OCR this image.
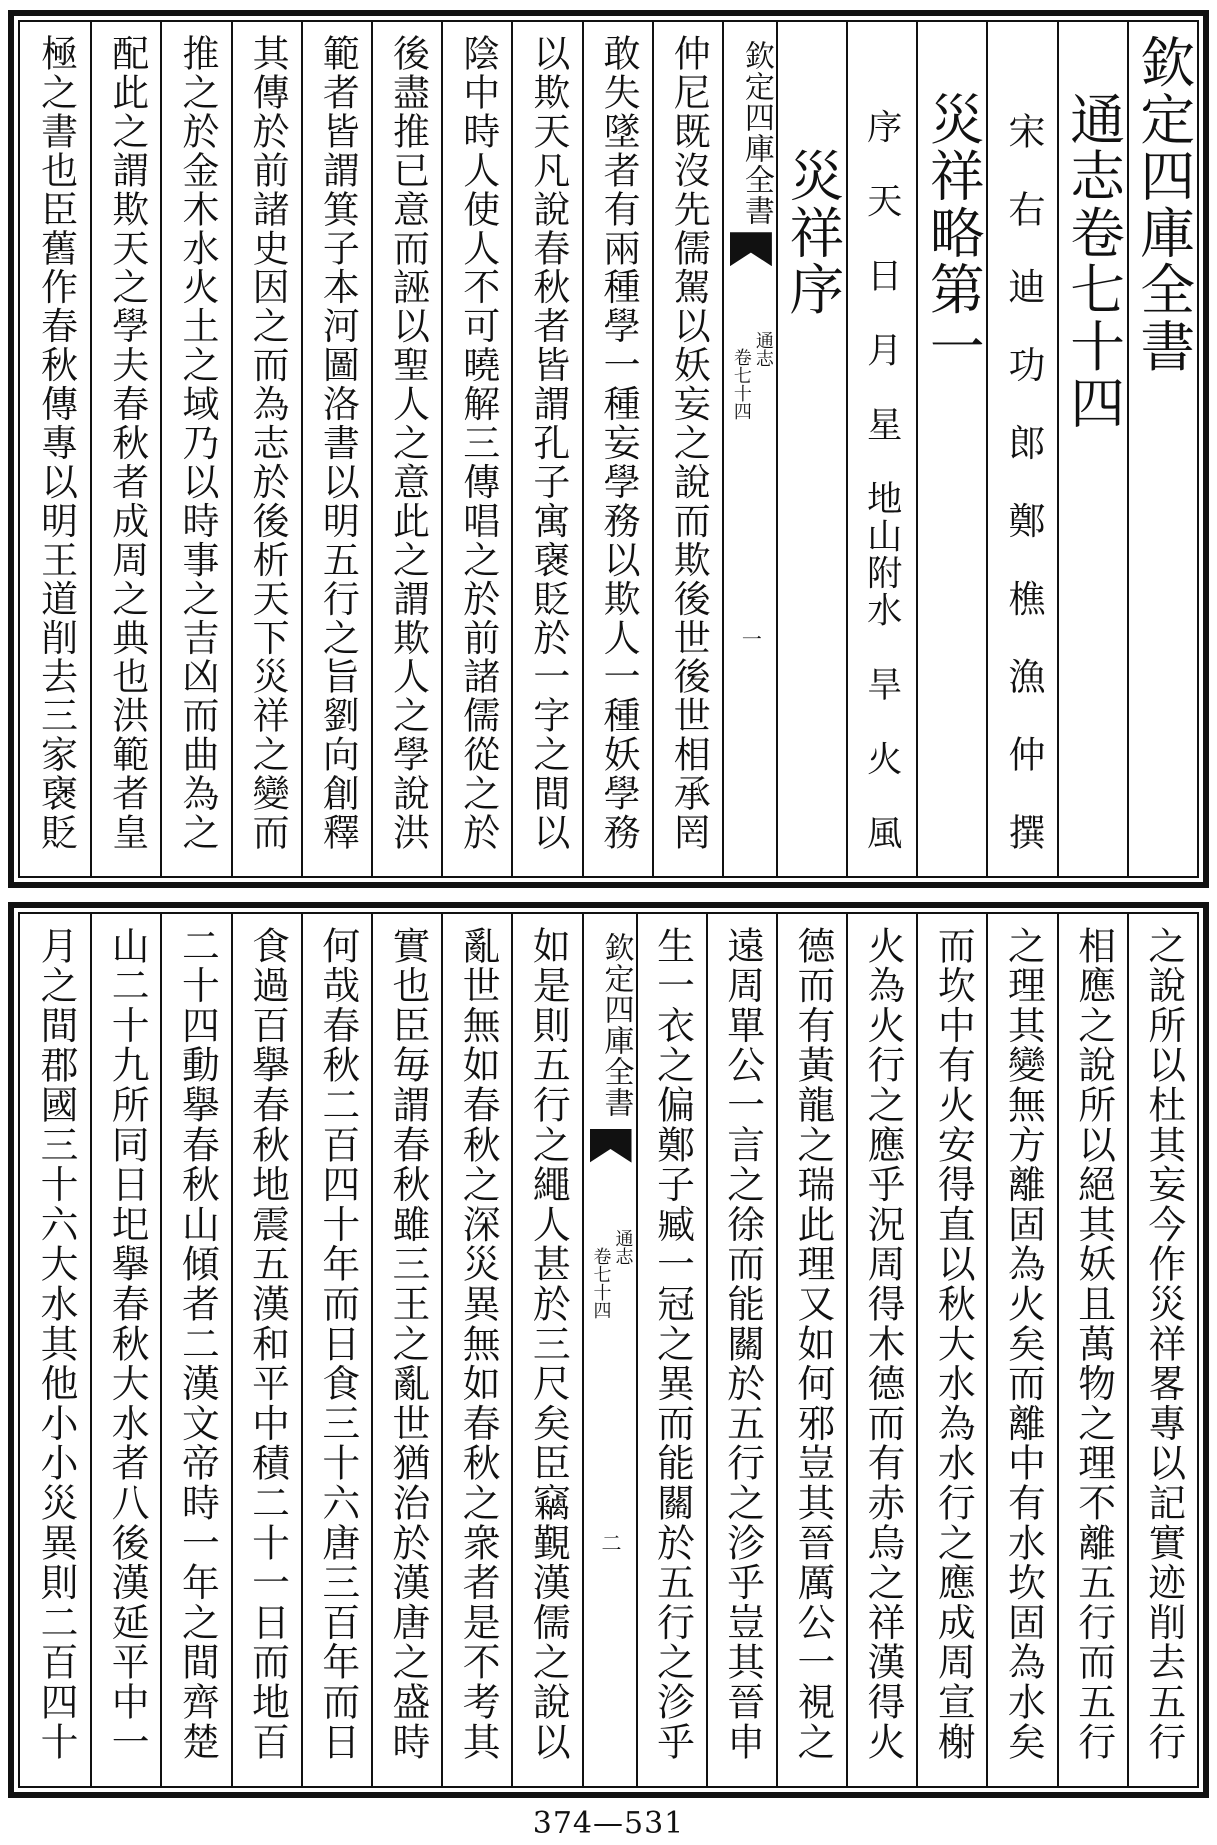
欽定四庫全書
　通志卷七十四
　　宋　右　迪　功　郎　鄭　樵　漁　仲　撰
　災祥略第一
　　序　天　日　月　星　地山附水　旱　火　風
　　災祥序
欽定四庫全書
通志
卷七十四
一
仲尼既沒先儒駕以妖妄之說而欺後世後世相承罔
敢失墜者有兩種學一種妄學務以欺人一種妖學務
以欺天凡說春秋者皆謂孔子寓襃貶於一字之間以
陰中時人使人不可曉解三傳唱之於前諸儒從之於
後盡推已意而誣以聖人之意此之謂欺人之學說洪
範者皆謂箕子本河圖洛書以明五行之旨劉向創釋
其傳於前諸史因之而為志於後析天下災祥之變而
推之於金木水火土之域乃以時事之吉凶而曲為之
配此之謂欺天之學夫春秋者成周之典也洪範者皇
極之書也臣舊作春秋傳專以明王道削去三家襃貶
之說所以杜其妄今作災祥畧專以記實迹削去五行
相應之說所以絕其妖且萬物之理不離五行而五行
之理其變無方離固為火矣而離中有水坎固為水矣
而坎中有火安得直以秋大水為水行之應成周宣榭
火為火行之應乎況周得木德而有赤烏之祥漢得火
德而有黃龍之瑞此理又如何邪豈其晉厲公一視之
遠周單公一言之徐而能關於五行之沴乎豈其晉申
生一衣之偏鄭子臧一冠之異而能關於五行之沴乎
欽定四庫全書
通志
卷七十四
二
如是則五行之繩人甚於三尺矣臣竊覲漢儒之說以
亂世無如春秋之深災異無如春秋之衆者是不考其
實也臣毎謂春秋雖三王之亂世猶治於漢唐之盛時
何哉春秋二百四十年而日食三十六唐三百年而日
食過百擧春秋地震五漢和平中積二十一日而地百
二十四動擧春秋山傾者二漢文帝時一年之間齊楚
山二十九所同日圯擧春秋大水者八後漢延平中一
月之間郡國三十六大水其他小小災異則二百四十
374—531
